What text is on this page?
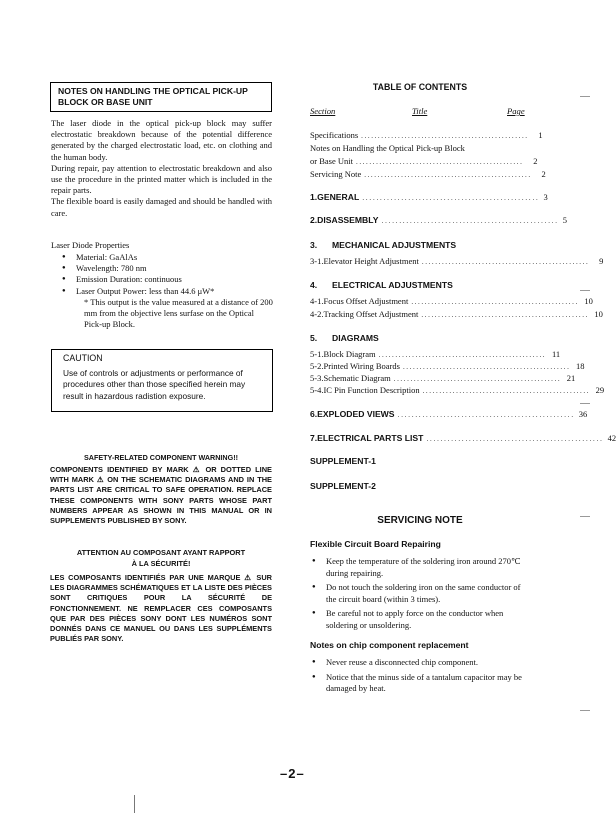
NOTES ON HANDLING THE OPTICAL PICK-UP
BLOCK OR BASE UNIT
The laser diode in the optical pick-up block may suffer electrostatic breakdown because of the potential difference generated by the charged electrostatic load, etc. on clothing and the human body.
During repair, pay attention to electrostatic breakdown and also use the procedure in the printed matter which is included in the repair parts.
The flexible board is easily damaged and should be handled with care.
Laser Diode Properties
● Material: GaAlAs
● Wavelength: 780 nm
● Emission Duration: continuous
● Laser Output Power: less than 44.6 μW*
* This output is the value measured at a distance of 200 mm from the objective lens surfase on the Optical Pick-up Block.
CAUTION
Use of controls or adjustments or performance of procedures other than those specified herein may result in hazardous radistion exposure.
SAFETY-RELATED COMPONENT WARNING!!
COMPONENTS IDENTIFIED BY MARK ⚠ OR DOTTED LINE WITH MARK ⚠ ON THE SCHEMATIC DIAGRAMS AND IN THE PARTS LIST ARE CRITICAL TO SAFE OPERATION. REPLACE THESE COMPONENTS WITH SONY PARTS WHOSE PART NUMBERS APPEAR AS SHOWN IN THIS MANUAL OR IN SUPPLEMENTS PUBLISHED BY SONY.
ATTENTION AU COMPOSANT AYANT RAPPORT
À LA SÉCURITÉ!
LES COMPOSANTS IDENTIFIÉS PAR UNE MARQUE ⚠ SUR LES DIAGRAMMES SCHÉMATIQUES ET LA LISTE DES PIÈCES SONT CRITIQUES POUR LA SÉCURITÉ DE FONCTIONNEMENT. NE REMPLACER CES COMPOSANTS QUE PAR DES PIÈCES SONY DONT LES NUMÉROS SONT DONNÉS DANS CE MANUEL OU DANS LES SUPPLÉMENTS PUBLIÉS PAR SONY.
TABLE OF CONTENTS
Section	Title	Page
Specifications ..................................................	1
Notes on Handling the Optical Pick-up Block
or Base Unit ..................................................	2
Servicing Note ..................................................	2
1. GENERAL .................................................. 3
2. DISASSEMBLY .................................................. 5
3.	MECHANICAL ADJUSTMENTS
3-1. Elevator Height Adjustment ..................................................	9
4.	ELECTRICAL ADJUSTMENTS
4-1. Focus Offset Adjustment .................................................. 10
4-2. Tracking Offset Adjustment .................................................. 10
5.	DIAGRAMS
5-1. Block Diagram .................................................. 11
5-2. Printed Wiring Boards .................................................. 18
5-3. Schematic Diagram .................................................. 21
5-4. IC Pin Function Description .................................................. 29
6. EXPLODED VIEWS .................................................. 36
7. ELECTRICAL PARTS LIST .................................................. 42
SUPPLEMENT-1
SUPPLEMENT-2
SERVICING NOTE
Flexible Circuit Board Repairing
● Keep the temperature of the soldering iron around 270℃ during repairing.
● Do not touch the soldering iron on the same conductor of the circuit board (within 3 times).
● Be careful not to apply force on the conductor when soldering or unsoldering.
Notes on chip component replacement
● Never reuse a disconnected chip component.
● Notice that the minus side of a tantalum capacitor may be damaged by heat.
–2–
